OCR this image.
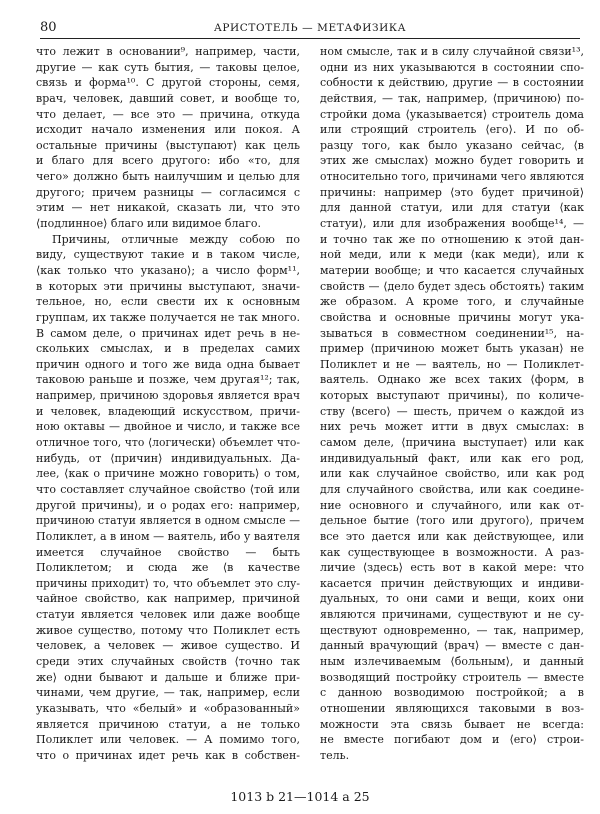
80	АРИСТОТЕЛЬ — МЕТАФИЗИКА
что лежит в основании⁹, например, части,
другие — как суть бытия, — таковы целое,
связь и форма¹⁰. С другой стороны, семя,
врач, человек, давший совет, и вообще то,
что делает, — все это — причина, откуда
исходит начало изменения или покоя. А
остальные причины ⟨выступают⟩ как цель
и благо для всего другого: ибо «то, для
чего» должно быть наилучшим и целью для
другого; причем разницы — согласимся с
этим — нет никакой, сказать ли, что это
⟨подлинное⟩ благо или видимое благо.
Причины, отличные между собою по
виду, существуют такие и в таком числе,
⟨как только что указано⟩; а число форм¹¹,
в которых эти причины выступают, значи-
тельное, но, если свести их к основным
группам, их также получается не так много.
В самом деле, о причинах идет речь в не-
скольких смыслах, и в пределах самих
причин одного и того же вида одна бывает
таковою раньше и позже, чем другая¹²; так,
например, причиною здоровья является врач
и человек, владеющий искусством, причи-
ною октавы — двойное и число, и также все
отличное того, что ⟨логически⟩ объемлет что-
нибудь, от ⟨причин⟩ индивидуальных. Да-
лее, ⟨как о причине можно говорить⟩ о том,
что составляет случайное свойство ⟨той или
другой причины⟩, и о родах его: например,
причиною статуи является в одном смысле —
Поликлет, а в ином — ваятель, ибо у ваятеля
имеется случайное свойство — быть
Поликлетом; и сюда же ⟨в качестве
причины приходит⟩ то, что объемлет это слу-
чайное свойство, как например, причиной
статуи является человек или даже вообще
живое существо, потому что Поликлет есть
человек, а человек — живое существо. И
среди этих случайных свойств ⟨точно так
же⟩ одни бывают и дальше и ближе при-
чинами, чем другие, — так, например, если
указывать, что «белый» и «образованный»
является причиною статуи, а не только
Поликлет или человек. — А помимо того,
что о причинах идет речь как в собствен-
ном смысле, так и в силу случайной связи¹³,
одни из них указываются в состоянии спо-
собности к действию, другие — в состоянии
действия, — так, например, ⟨причиною⟩ по-
стройки дома ⟨указывается⟩ строитель дома
или строящий строитель ⟨его⟩. И по об-
разцу того, как было указано сейчас, ⟨в
этих же смыслах⟩ можно будет говорить и
относительно того, причинами чего являются
причины: например ⟨это будет причиной⟩
для данной статуи, или для статуи ⟨как
статуи⟩, или для изображения вообще¹⁴, —
и точно так же по отношению к этой дан-
ной меди, или к меди ⟨как меди⟩, или к
материи вообще; и что касается случайных
свойств — ⟨дело будет здесь обстоять⟩ таким
же образом. А кроме того, и случайные
свойства и основные причины могут ука-
зываться в совместном соединении¹⁵, на-
пример ⟨причиною может быть указан⟩ не
Поликлет и не — ваятель, но — Поликлет-
ваятель. Однако же всех таких ⟨форм, в
которых выступают причины⟩, по количе-
ству ⟨всего⟩ — шесть, причем о каждой из
них речь может итти в двух смыслах: в
самом деле, ⟨причина выступает⟩ или как
индивидуальный факт, или как его род,
или как случайное свойство, или как род
для случайного свойства, или как соедине-
ние основного и случайного, или как от-
дельное бытие ⟨того или другого⟩, причем
все это дается или как действующее, или
как существующее в возможности. А раз-
личие ⟨здесь⟩ есть вот в какой мере: что
касается причин действующих и индиви-
дуальных, то они сами и вещи, коих они
являются причинами, существуют и не су-
ществуют одновременно, — так, например,
данный врачующий ⟨врач⟩ — вместе с дан-
ным излечиваемым ⟨больным⟩, и данный
возводящий постройку строитель — вместе
с данною возводимою постройкой; а в
отношении являющихся таковыми в воз-
можности эта связь бывает не всегда:
не вместе погибают дом и ⟨его⟩ строи-
тель.
1013 b 21—1014 a 25
